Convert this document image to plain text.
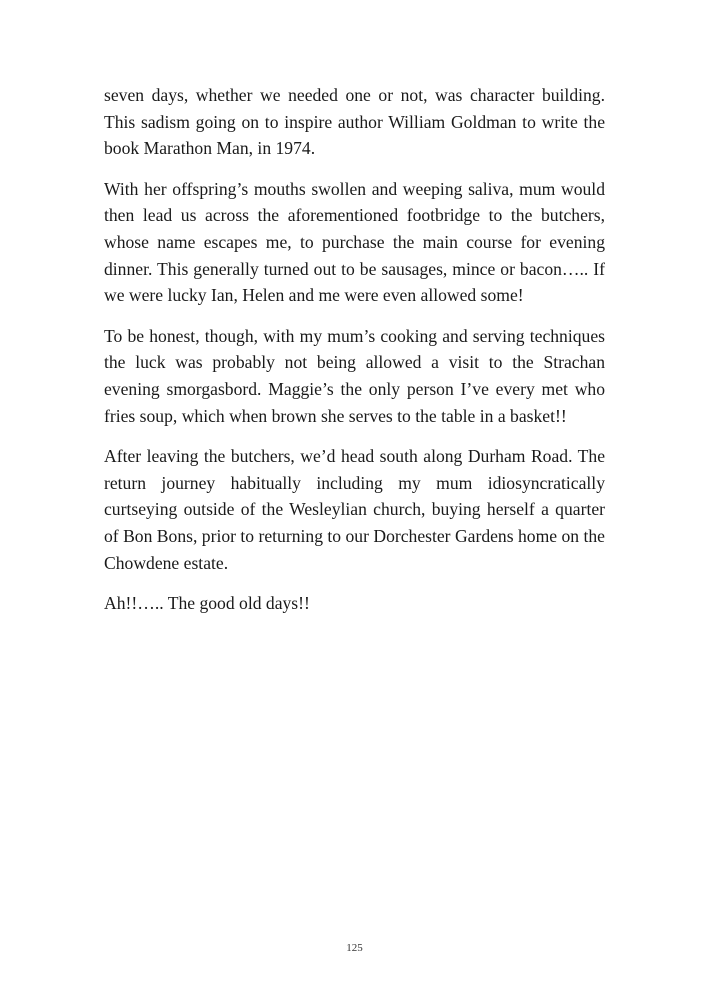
seven days, whether we needed one or not, was character building. This sadism going on to inspire author William Goldman to write the book Marathon Man, in 1974.

With her offspring’s mouths swollen and weeping saliva, mum would then lead us across the aforementioned footbridge to the butchers, whose name escapes me, to purchase the main course for evening dinner. This generally turned out to be sausages, mince or bacon….. If we were lucky Ian, Helen and me were even allowed some!

To be honest, though, with my mum’s cooking and serving techniques the luck was probably not being allowed a visit to the Strachan evening smorgasbord. Maggie’s the only person I’ve every met who fries soup, which when brown she serves to the table in a basket!!

After leaving the butchers, we’d head south along Durham Road. The return journey habitually including my mum idiosyncratically curtseying outside of the Wesleylian church, buying herself a quarter of Bon Bons, prior to returning to our Dorchester Gardens home on the Chowdene estate.

Ah!!….. The good old days!!

125
